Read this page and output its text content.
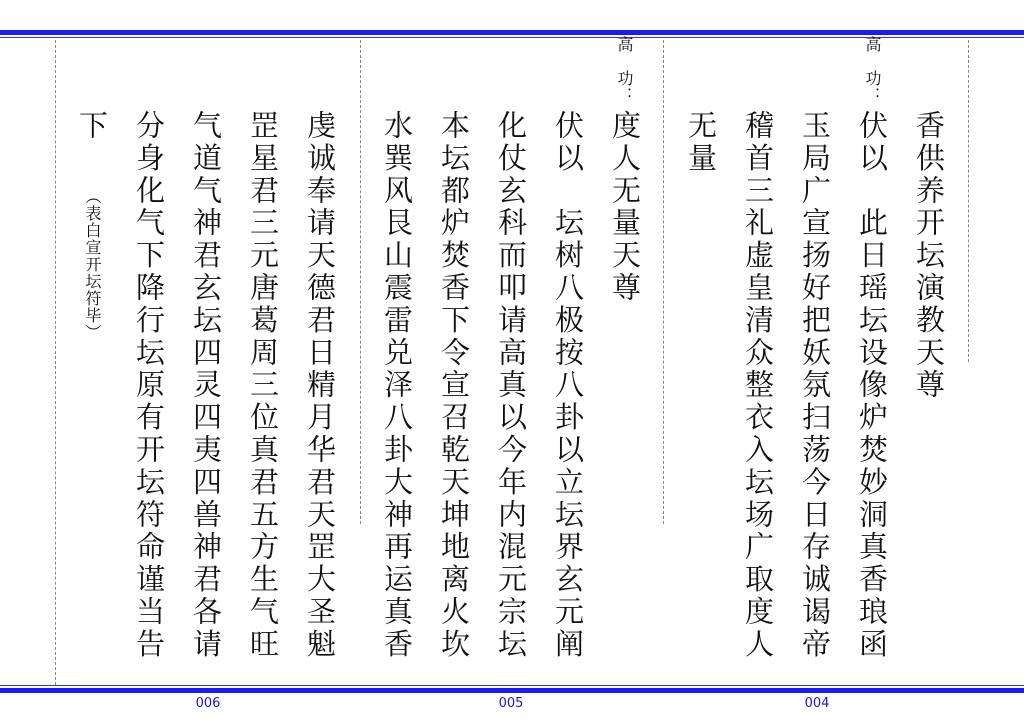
高　功：
香供养开坛演教天尊
伏以　此日瑶坛设像炉焚妙洞真香琅函
玉局广宣扬好把妖氛扫荡今日存诚谒帝
稽首三礼虚皇清众整衣入坛场广取度人
无量
高　功：
度人无量天尊
004
伏以　坛树八极按八卦以立坛界玄元阐
化仗玄科而叩请高真以今年内混元宗坛
本坛都炉焚香下令宣召乾天坤地离火坎
水巽风艮山震雷兑泽八卦大神再运真香
005
虔诚奉请天德君日精月华君天罡大圣魁
罡星君三元唐葛周三位真君五方生气旺
气道气神君玄坛四灵四夷四兽神君各请
分身化气下降行坛原有开坛符命谨当告
下
（表白宣开坛符毕）
006
